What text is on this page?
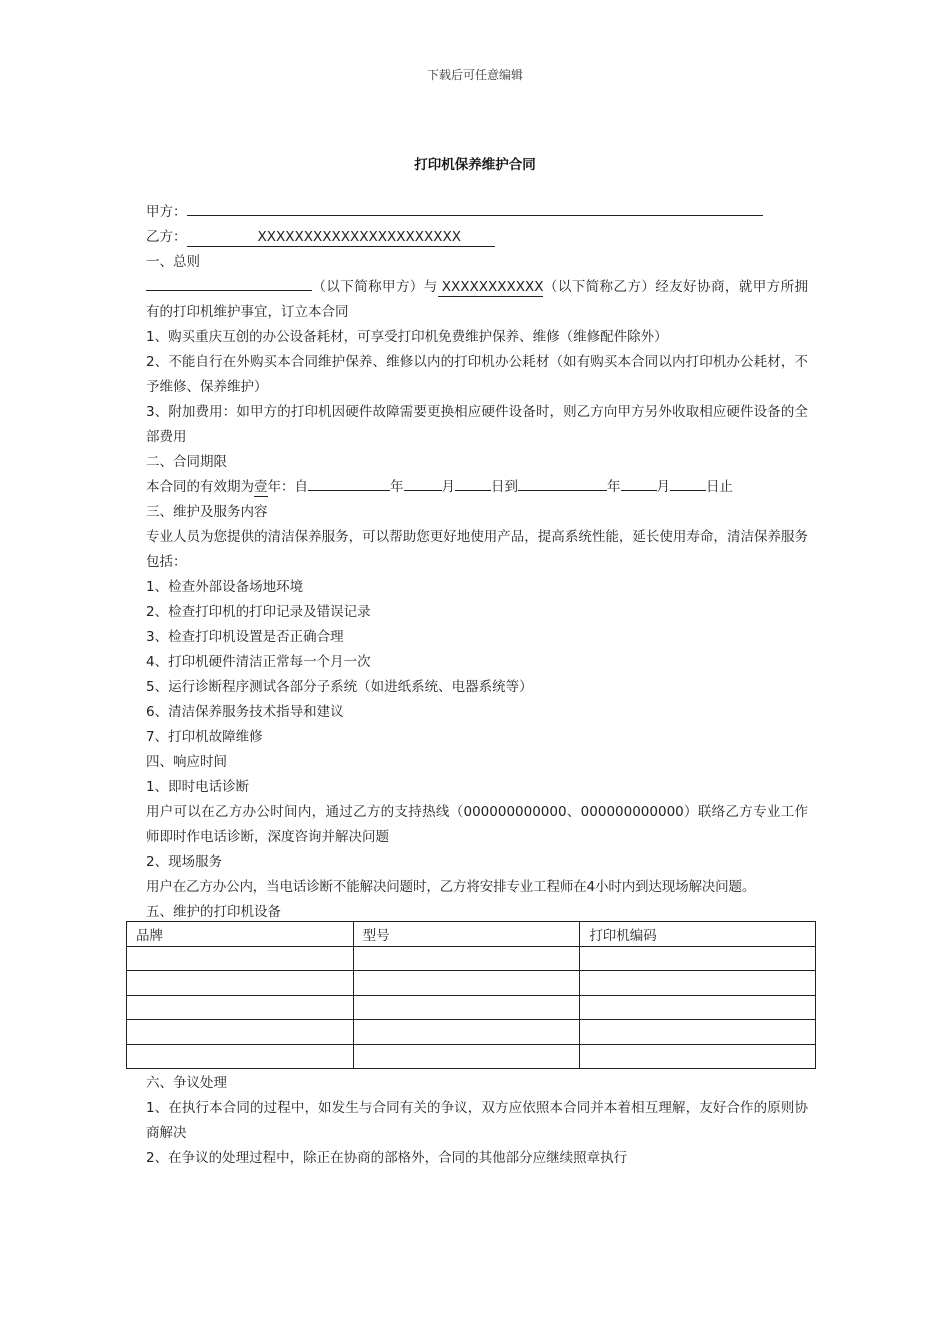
下载后可任意编辑
打印机保养维护合同

甲方：

乙方：	XXXXXXXXXXXXXXXXXXXXXX

一、总则

（以下简称甲方）与 XXXXXXXXXXX（以下简称乙方）经友好协商，就甲方所拥有的打印机维护事宜，订立本合同

1、购买重庆互创的办公设备耗材，可享受打印机免费维护保养、维修（维修配件除外）

2、不能自行在外购买本合同维护保养、维修以内的打印机办公耗材（如有购买本合同以内打印机办公耗材，不予维修、保养维护）

3、附加费用：如甲方的打印机因硬件故障需要更换相应硬件设备时，则乙方向甲方另外收取相应硬件设备的全部费用

二、合同期限

本合同的有效期为壹年：自	年	月	日到	年	月	日止

三、维护及服务内容

专业人员为您提供的清洁保养服务，可以帮助您更好地使用产品，提高系统性能，延长使用寿命，清洁保养服务包括：

1、检查外部设备场地环境

2、检查打印机的打印记录及错误记录

3、检查打印机设置是否正确合理

4、打印机硬件清洁正常每一个月一次

5、运行诊断程序测试各部分子系统（如进纸系统、电器系统等）

6、清洁保养服务技术指导和建议

7、打印机故障维修

四、响应时间

1、即时电话诊断

用户可以在乙方办公时间内，通过乙方的支持热线（000000000000、000000000000）联络乙方专业工作师即时作电话诊断，深度咨询并解决问题

2、现场服务

用户在乙方办公内，当电话诊断不能解决问题时，乙方将安排专业工程师在4小时内到达现场解决问题。

五、维护的打印机设备

品牌	型号	打印机编码

六、争议处理

1、在执行本合同的过程中，如发生与合同有关的争议，双方应依照本合同并本着相互理解，友好合作的原则协商解决

2、在争议的处理过程中，除正在协商的部格外，合同的其他部分应继续照章执行
